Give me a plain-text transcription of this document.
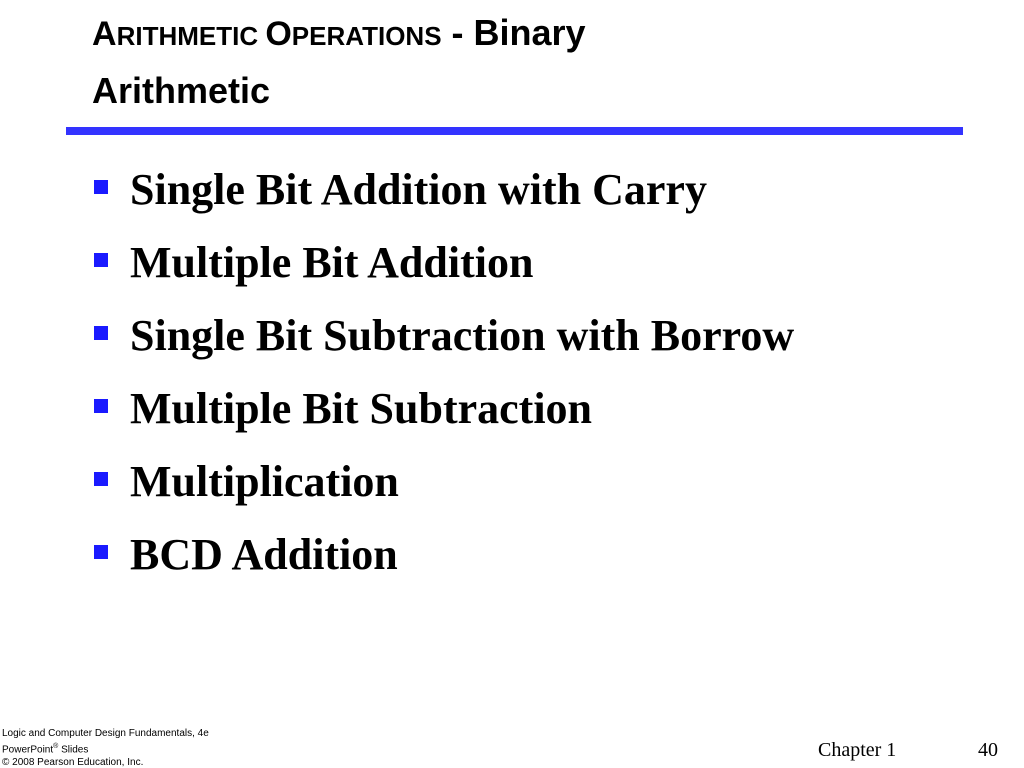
ARITHMETIC OPERATIONS - Binary
Arithmetic
Single Bit Addition with Carry
Multiple Bit Addition
Single Bit Subtraction with Borrow
Multiple Bit Subtraction
Multiplication
BCD Addition
Logic and Computer Design Fundamentals, 4e
PowerPoint® Slides
© 2008 Pearson Education, Inc.
Chapter 1	40
